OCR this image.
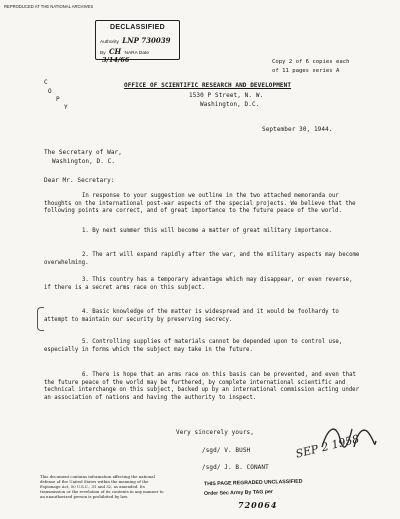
REPRODUCED AT THE NATIONAL ARCHIVES
DECLASSIFIED
Authority LNP 730039
By CH NARA Date 3/14/66	Copy 2 of 6 copies each
of 11 pages series A
C
O
P
Y
OFFICE OF SCIENTIFIC RESEARCH AND DEVELOPMENT
1530 P Street, N. W.
Washington, D.C.
September 30, 1944.
The Secretary of War,
Washington, D. C.
Dear Mr. Secretary:
In response to your suggestion we outline in the two attached memoranda our thoughts on the international post-war aspects of the special projects. We believe that the following points are correct, and of great importance to the future peace of the world.
1. By next summer this will become a matter of great military importance.
2. The art will expand rapidly after the war, and the military aspects may become overwhelming.
3. This country has a temporary advantage which may disappear, or even reverse, if there is a secret arms race on this subject.
4. Basic knowledge of the matter is widespread and it would be foolhardy to attempt to maintain our security by preserving secrecy.
5. Controlling supplies of materials cannot be depended upon to control use, especially in forms which the subject may take in the future.
6. There is hope that an arms race on this basis can be prevented, and even that the future peace of the world may be furthered, by complete international scientific and technical interchange on this subject, backed up by an international commission acting under an association of nations and having the authority to inspect.
Very sincerely yours,
/sgd/ V. BUSH
/sgd/ J. B. CONANT
SEP 2 1958
This document contains information affecting the national defense of the United States within the meaning of the Espionage Act, 50 U.S.C., 31 and 32, as amended. Its transmission or the revelation of its contents in any manner to an unauthorized person is prohibited by law.
THIS PAGE REGRADED UNCLASSIFIED
Order Sec Army By TAG per
720064
